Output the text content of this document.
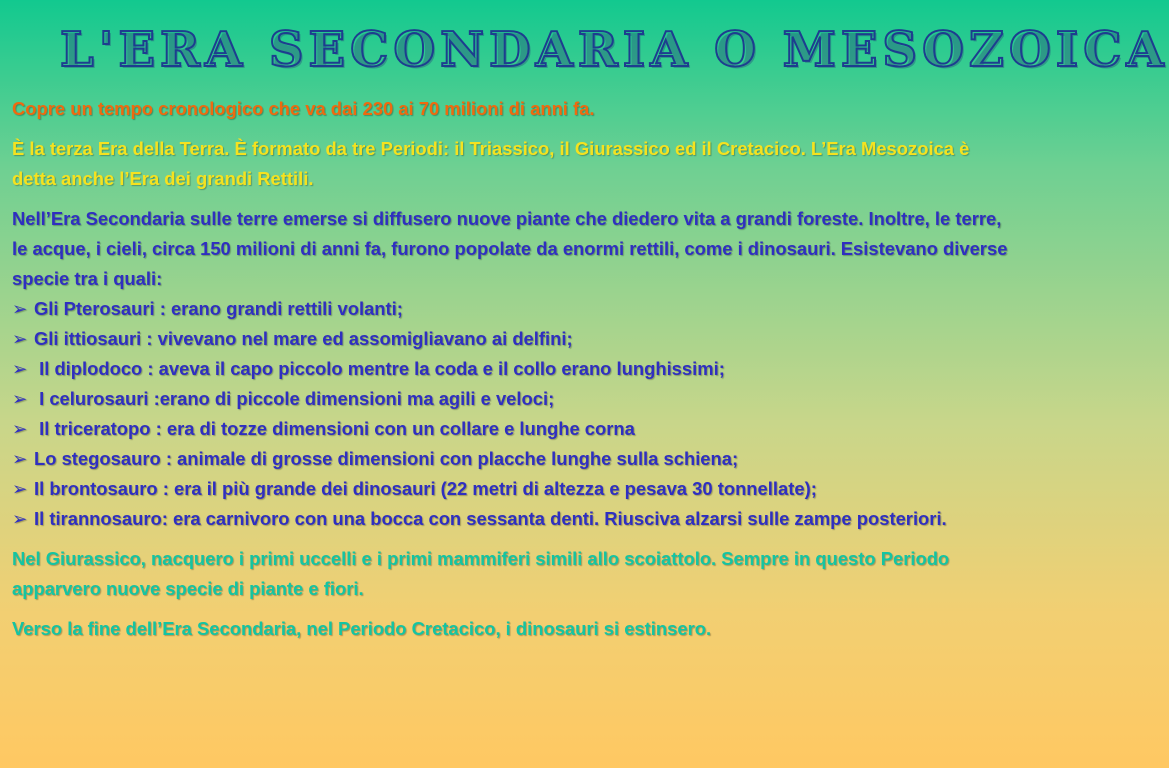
L'ERA SECONDARIA O MESOZOICA

Copre un tempo cronologico che va dai 230 ai 70 milioni di anni fa.

È la terza Era della Terra. È formato da tre Periodi: il Triassico, il Giurassico ed il Cretacico. L’Era Mesozoica è detta anche l’Era dei grandi Rettili.

Nell’Era Secondaria sulle terre emerse si diffusero nuove piante che diedero vita a grandi foreste. Inoltre, le terre, le acque, i cieli, circa 150 milioni di anni fa, furono popolate da enormi rettili, come i dinosauri. Esistevano diverse specie tra i quali:

➢ Gli Pterosauri : erano grandi rettili volanti;

➢ Gli ittiosauri : vivevano nel mare ed assomigliavano ai delfini;

➢ Il diplodoco : aveva il capo piccolo mentre la coda e il collo erano lunghissimi;

➢ I celurosauri :erano di piccole dimensioni ma agili e veloci;

➢ Il triceratopo : era di tozze dimensioni con un collare e lunghe corna

➢ Lo stegosauro : animale di grosse dimensioni con placche lunghe sulla schiena;

➢ Il brontosauro : era il più grande dei dinosauri (22 metri di altezza e pesava 30 tonnellate);

➢ Il tirannosauro: era carnivoro con una bocca con sessanta denti. Riusciva alzarsi sulle zampe posteriori.

Nel Giurassico, nacquero i primi uccelli e i primi mammiferi simili allo scoiattolo. Sempre in questo Periodo apparvero nuove specie di piante e fiori.

Verso la fine dell’Era Secondaria, nel Periodo Cretacico, i dinosauri si estinsero.
